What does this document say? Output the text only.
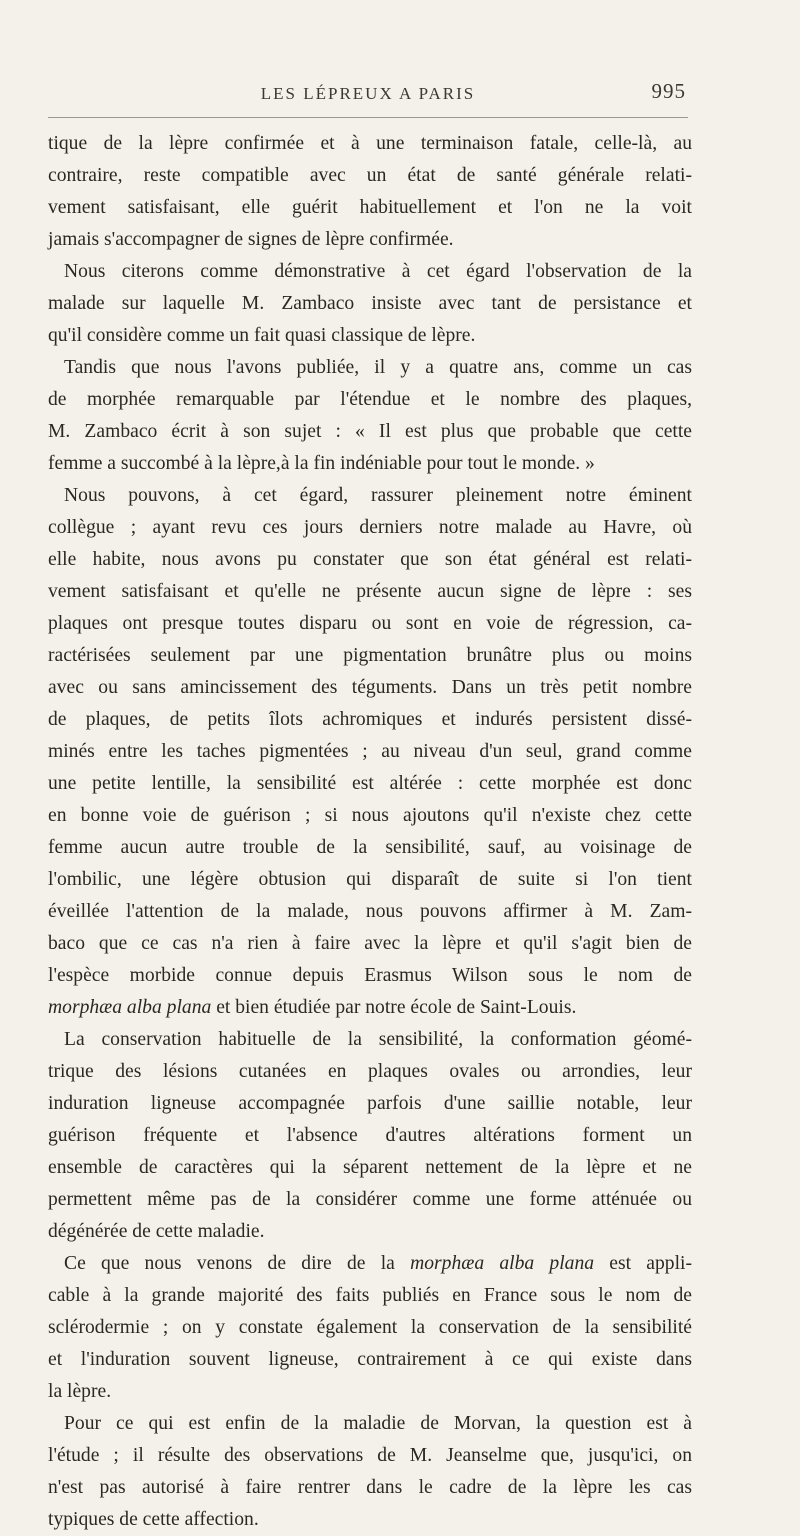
LES LÉPREUX A PARIS	995
tique de la lèpre confirmée et à une terminaison fatale, celle-là, au
contraire, reste compatible avec un état de santé générale relati-
vement satisfaisant, elle guérit habituellement et l'on ne la voit
jamais s'accompagner de signes de lèpre confirmée.
Nous citerons comme démonstrative à cet égard l'observation de la
malade sur laquelle M. Zambaco insiste avec tant de persistance et
qu'il considère comme un fait quasi classique de lèpre.
Tandis que nous l'avons publiée, il y a quatre ans, comme un cas
de morphée remarquable par l'étendue et le nombre des plaques,
M. Zambaco écrit à son sujet : « Il est plus que probable que cette
femme a succombé à la lèpre,à la fin indéniable pour tout le monde. »
Nous pouvons, à cet égard, rassurer pleinement notre éminent
collègue ; ayant revu ces jours derniers notre malade au Havre, où
elle habite, nous avons pu constater que son état général est relati-
vement satisfaisant et qu'elle ne présente aucun signe de lèpre : ses
plaques ont presque toutes disparu ou sont en voie de régression, ca-
ractérisées seulement par une pigmentation brunâtre plus ou moins
avec ou sans amincissement des téguments. Dans un très petit nombre
de plaques, de petits îlots achromiques et indurés persistent dissé-
minés entre les taches pigmentées ; au niveau d'un seul, grand comme
une petite lentille, la sensibilité est altérée : cette morphée est donc
en bonne voie de guérison ; si nous ajoutons qu'il n'existe chez cette
femme aucun autre trouble de la sensibilité, sauf, au voisinage de
l'ombilic, une légère obtusion qui disparaît de suite si l'on tient
éveillée l'attention de la malade, nous pouvons affirmer à M. Zam-
baco que ce cas n'a rien à faire avec la lèpre et qu'il s'agit bien de
l'espèce morbide connue depuis Erasmus Wilson sous le nom de
morphæa alba plana et bien étudiée par notre école de Saint-Louis.
La conservation habituelle de la sensibilité, la conformation géomé-
trique des lésions cutanées en plaques ovales ou arrondies, leur
induration ligneuse accompagnée parfois d'une saillie notable, leur
guérison fréquente et l'absence d'autres altérations forment un
ensemble de caractères qui la séparent nettement de la lèpre et ne
permettent même pas de la considérer comme une forme atténuée ou
dégénérée de cette maladie.
Ce que nous venons de dire de la morphæa alba plana est appli-
cable à la grande majorité des faits publiés en France sous le nom de
sclérodermie ; on y constate également la conservation de la sensibilité
et l'induration souvent ligneuse, contrairement à ce qui existe dans
la lèpre.
Pour ce qui est enfin de la maladie de Morvan, la question est à
l'étude ; il résulte des observations de M. Jeanselme que, jusqu'ici, on
n'est pas autorisé à faire rentrer dans le cadre de la lèpre les cas
typiques de cette affection.
